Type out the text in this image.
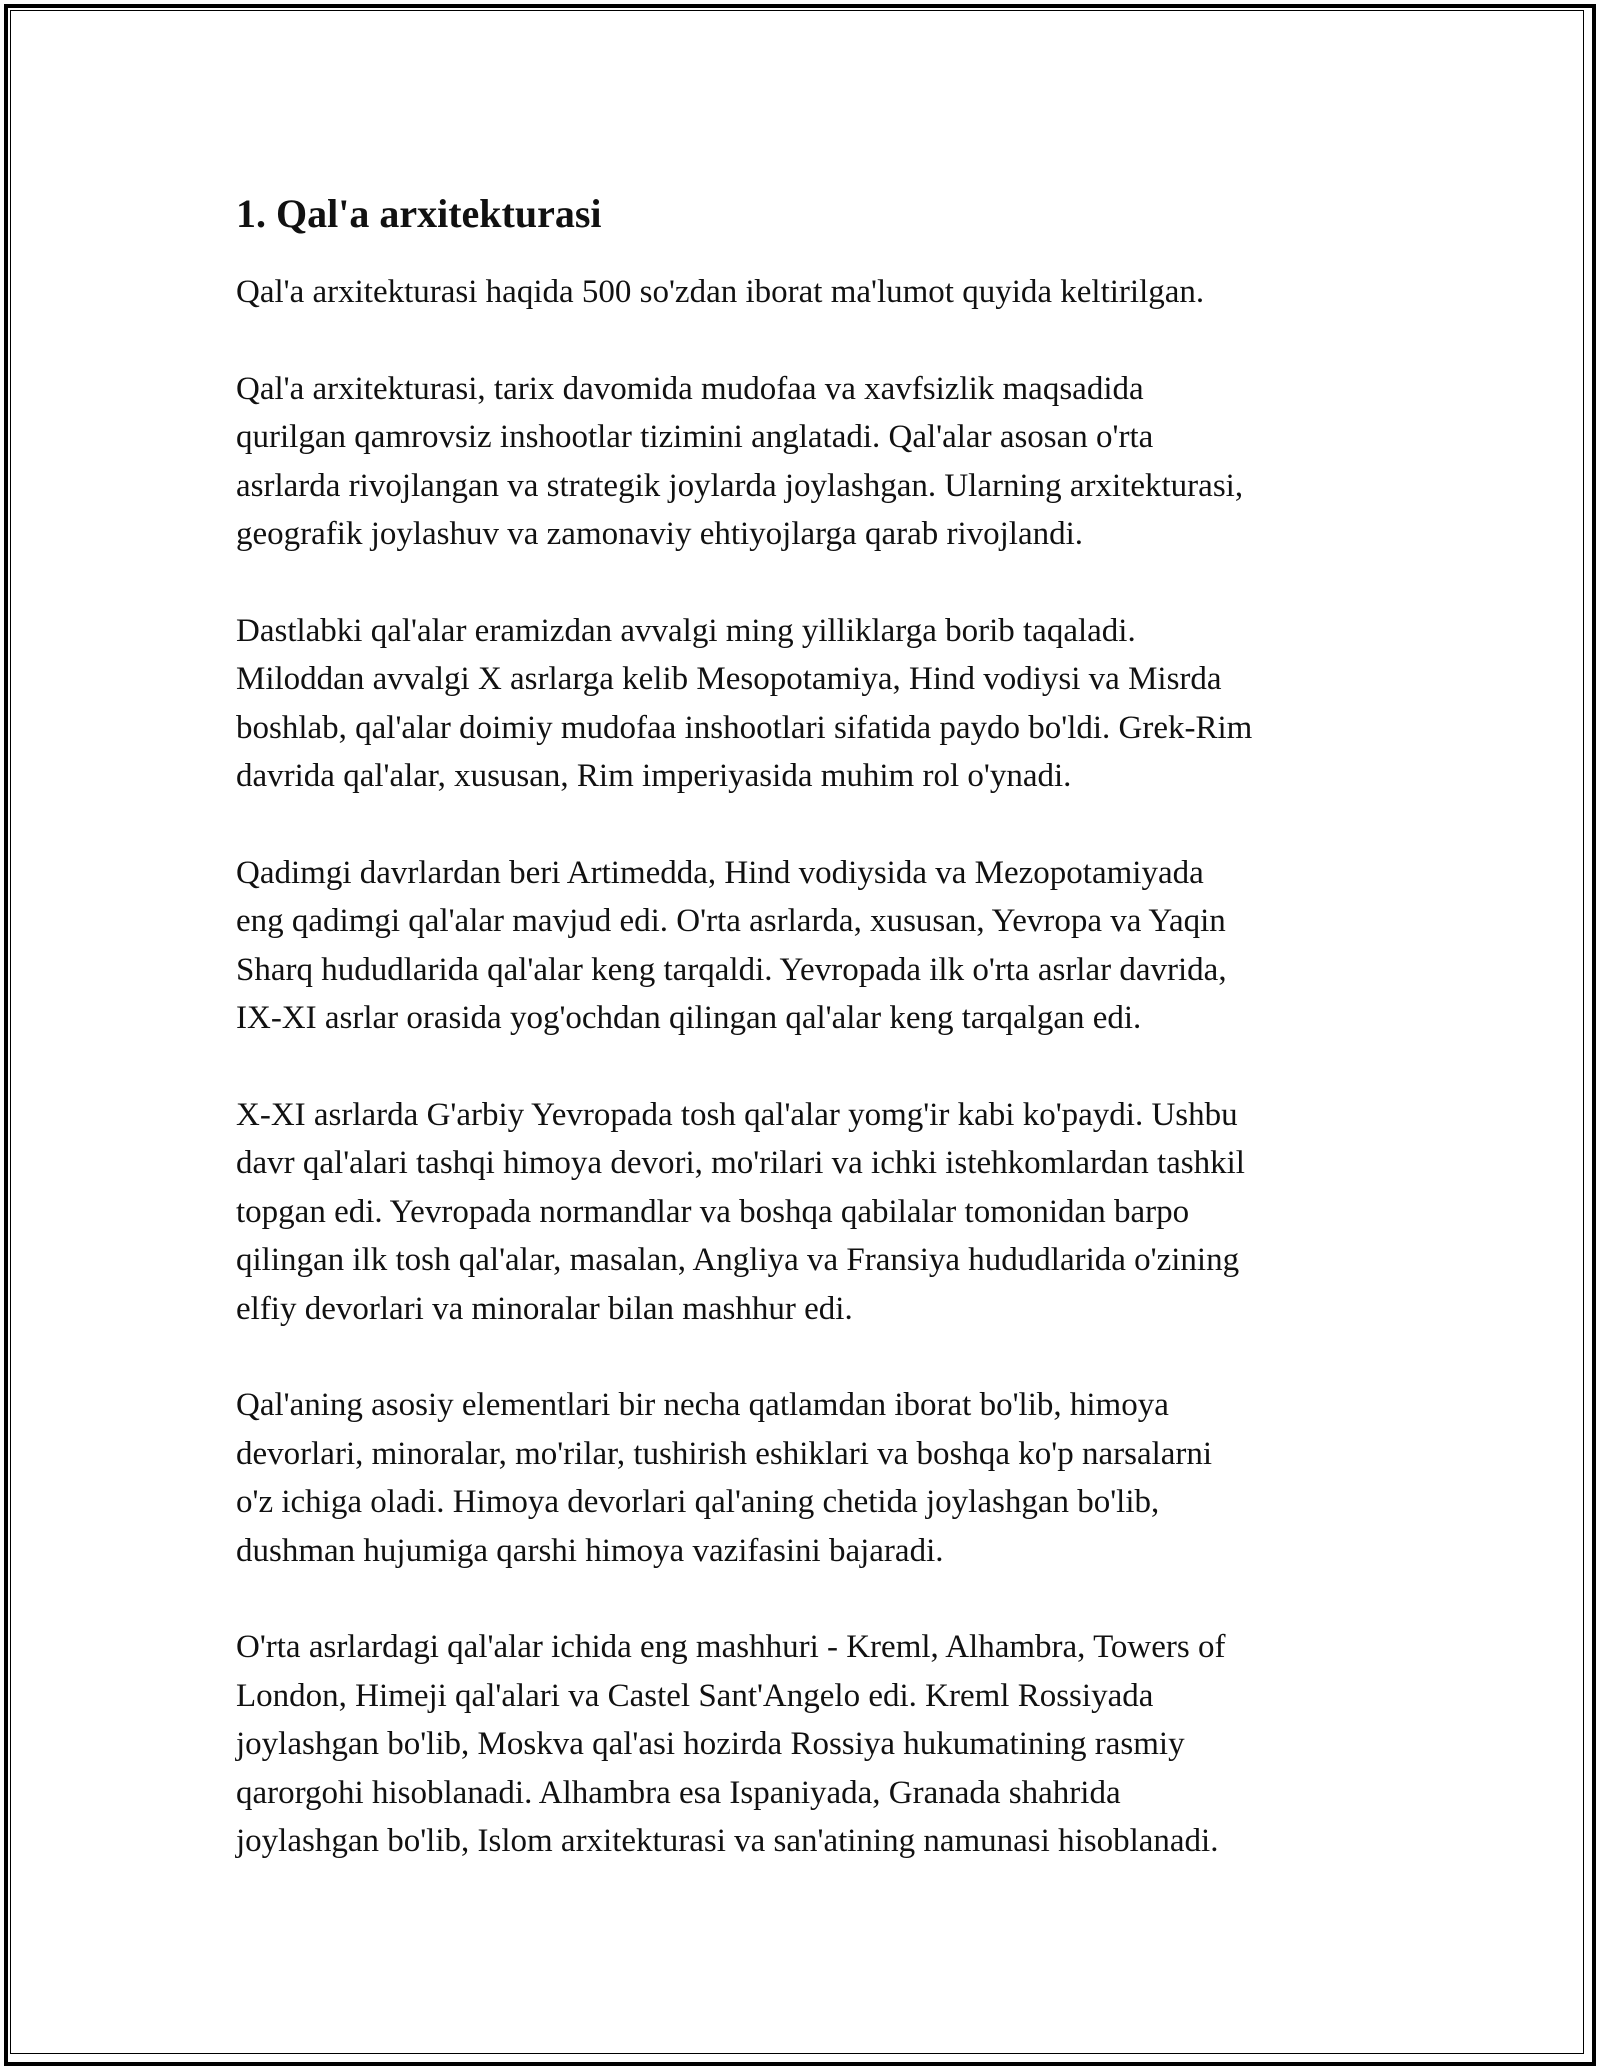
1. Qal'a arxitekturasi

Qal'a arxitekturasi haqida 500 so'zdan iborat ma'lumot quyida keltirilgan.

Qal'a arxitekturasi, tarix davomida mudofaa va xavfsizlik maqsadida
qurilgan qamrovsiz inshootlar tizimini anglatadi. Qal'alar asosan o'rta
asrlarda rivojlangan va strategik joylarda joylashgan. Ularning arxitekturasi,
geografik joylashuv va zamonaviy ehtiyojlarga qarab rivojlandi.

Dastlabki qal'alar eramizdan avvalgi ming yilliklarga borib taqaladi.
Miloddan avvalgi X asrlarga kelib Mesopotamiya, Hind vodiysi va Misrda
boshlab, qal'alar doimiy mudofaa inshootlari sifatida paydo bo'ldi. Grek-Rim
davrida qal'alar, xususan, Rim imperiyasida muhim rol o'ynadi.

Qadimgi davrlardan beri Artimedda, Hind vodiysida va Mezopotamiyada
eng qadimgi qal'alar mavjud edi. O'rta asrlarda, xususan, Yevropa va Yaqin
Sharq hududlarida qal'alar keng tarqaldi. Yevropada ilk o'rta asrlar davrida,
IX-XI asrlar orasida yog'ochdan qilingan qal'alar keng tarqalgan edi.

X-XI asrlarda G'arbiy Yevropada tosh qal'alar yomg'ir kabi ko'paydi. Ushbu
davr qal'alari tashqi himoya devori, mo'rilari va ichki istehkomlardan tashkil
topgan edi. Yevropada normandlar va boshqa qabilalar tomonidan barpo
qilingan ilk tosh qal'alar, masalan, Angliya va Fransiya hududlarida o'zining
elfiy devorlari va minoralar bilan mashhur edi.

Qal'aning asosiy elementlari bir necha qatlamdan iborat bo'lib, himoya
devorlari, minoralar, mo'rilar, tushirish eshiklari va boshqa ko'p narsalarni
o'z ichiga oladi. Himoya devorlari qal'aning chetida joylashgan bo'lib,
dushman hujumiga qarshi himoya vazifasini bajaradi.

O'rta asrlardagi qal'alar ichida eng mashhuri - Kreml, Alhambra, Towers of
London, Himeji qal'alari va Castel Sant'Angelo edi. Kreml Rossiyada
joylashgan bo'lib, Moskva qal'asi hozirda Rossiya hukumatining rasmiy
qarorgohi hisoblanadi. Alhambra esa Ispaniyada, Granada shahrida
joylashgan bo'lib, Islom arxitekturasi va san'atining namunasi hisoblanadi.
